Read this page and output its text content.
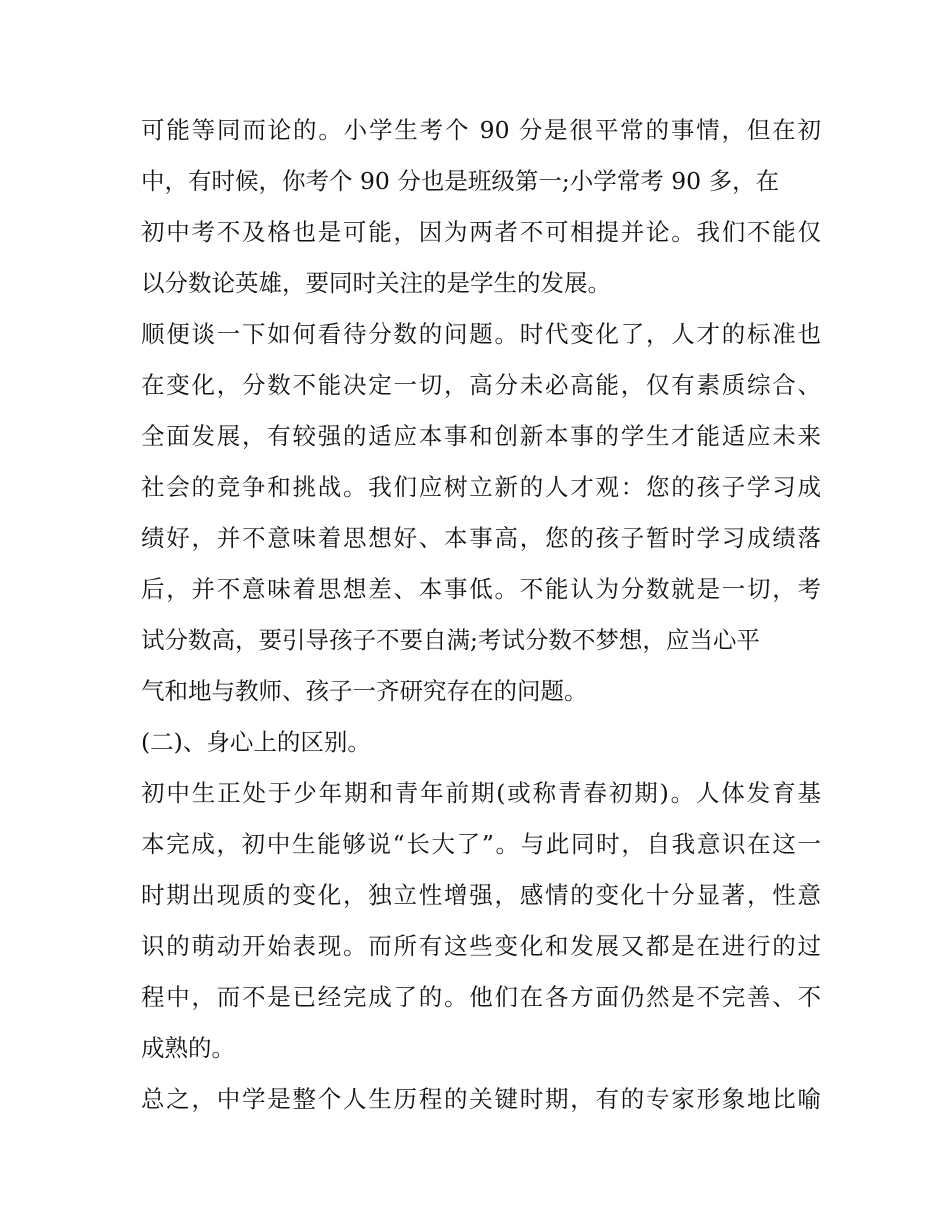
可能等同而论的。小学生考个 90 分是很平常的事情，但在初
中，有时候，你考个 90 分也是班级第一;小学常考 90 多，在
初中考不及格也是可能，因为两者不可相提并论。我们不能仅
以分数论英雄，要同时关注的是学生的发展。
顺便谈一下如何看待分数的问题。时代变化了，人才的标准也
在变化，分数不能决定一切，高分未必高能，仅有素质综合、
全面发展，有较强的适应本事和创新本事的学生才能适应未来
社会的竞争和挑战。我们应树立新的人才观：您的孩子学习成
绩好，并不意味着思想好、本事高，您的孩子暂时学习成绩落
后，并不意味着思想差、本事低。不能认为分数就是一切，考
试分数高，要引导孩子不要自满;考试分数不梦想，应当心平
气和地与教师、孩子一齐研究存在的问题。
(二)、身心上的区别。
初中生正处于少年期和青年前期(或称青春初期)。人体发育基
本完成，初中生能够说“长大了”。与此同时，自我意识在这一
时期出现质的变化，独立性增强，感情的变化十分显著，性意
识的萌动开始表现。而所有这些变化和发展又都是在进行的过
程中，而不是已经完成了的。他们在各方面仍然是不完善、不
成熟的。
总之，中学是整个人生历程的关键时期，有的专家形象地比喻
